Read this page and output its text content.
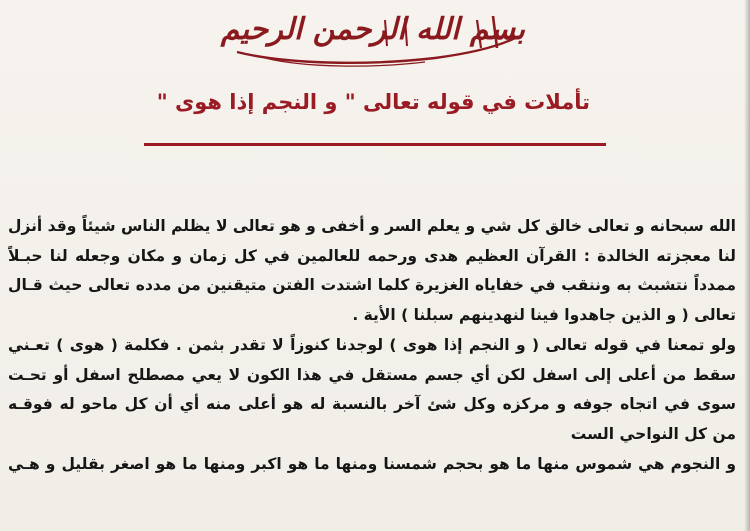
بسم الله الرحمن الرحيم
تأملات في قوله تعالى " و النجم إذا هوى "
الله سبحانه و تعالى خالق كل شي و يعلم السر و أخفى و هو تعالى لا يظلم الناس شيئاً وقد أنزل
لنا معجزته الخالدة : القرآن العظيم هدى ورحمه للعالمين في كل زمان و مكان وجعله لنا حبـلاً
ممدداً نتشبث به وننقب في خفاياه الغزيرة كلما اشتدت الفتن متيقنين من مدده تعالى حيث قـال
تعالى ( و الذين جاهدوا فينا لنهدينهم سبلنا ) الأية .
ولو تمعنا في قوله تعالى ( و النجم إذا هوى ) لوجدنا كنوزاً لا تقدر بثمن . فكلمة ( هوى ) تعـني
سقط من أعلى إلى اسفل لكن أي جسم مستقل في هذا الكون لا يعي مصطلح اسفل أو تحـت
سوى في اتجاه جوفه و مركزه وكل شئ آخر بالنسبة له هو أعلى منه أي أن كل ماحو له فوقـه
من كل النواحي الست
و النجوم هي شموس منها ما هو بحجم شمسنا ومنها ما هو اكبر ومنها ما هو اصغر بقليل و هـي
